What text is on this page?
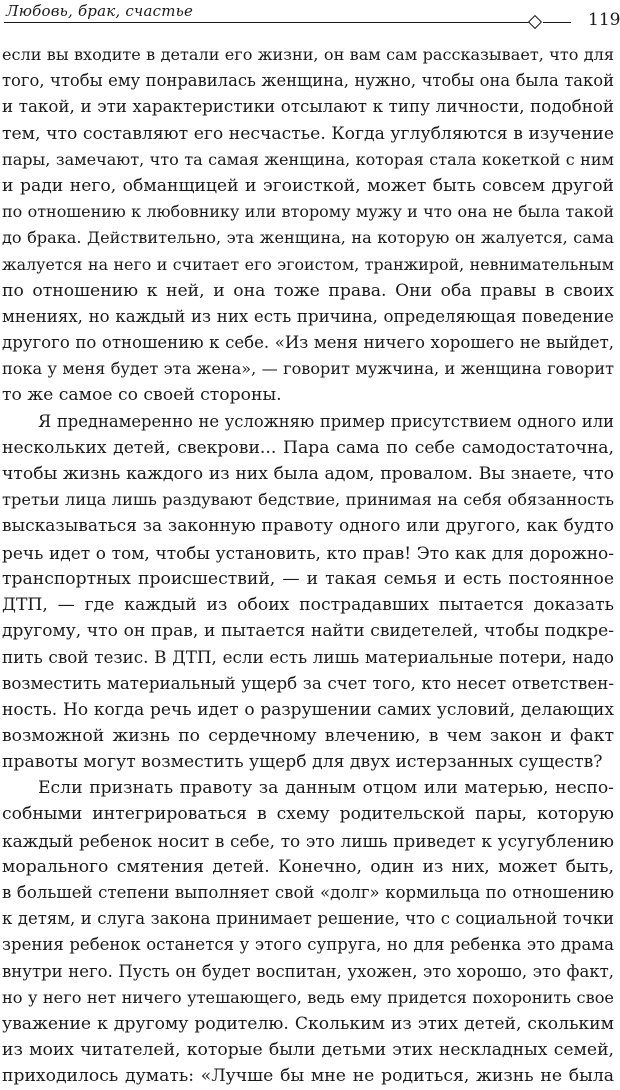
Любовь, брак, счастье	119
если вы входите в детали его жизни, он вам сам рассказывает, что для
того, чтобы ему понравилась женщина, нужно, чтобы она была такой
и такой, и эти характеристики отсылают к типу личности, подобной
тем, что составляют его несчастье. Когда углубляются в изучение
пары, замечают, что та самая женщина, которая стала кокеткой с ним
и ради него, обманщицей и эгоисткой, может быть совсем другой
по отношению к любовнику или второму мужу и что она не была такой
до брака. Действительно, эта женщина, на которую он жалуется, сама
жалуется на него и считает его эгоистом, транжирой, невнимательным
по отношению к ней, и она тоже права. Они оба правы в своих
мнениях, но каждый из них есть причина, определяющая поведение
другого по отношению к себе. «Из меня ничего хорошего не выйдет,
пока у меня будет эта жена», — говорит мужчина, и женщина говорит
то же самое со своей стороны.
Я преднамеренно не усложняю пример присутствием одного или
нескольких детей, свекрови... Пара сама по себе самодостаточна,
чтобы жизнь каждого из них была адом, провалом. Вы знаете, что
третьи лица лишь раздувают бедствие, принимая на себя обязанность
высказываться за законную правоту одного или другого, как будто
речь идет о том, чтобы установить, кто прав! Это как для дорожно-
транспортных происшествий, — и такая семья и есть постоянное
ДТП, — где каждый из обоих пострадавших пытается доказать
другому, что он прав, и пытается найти свидетелей, чтобы подкре-
пить свой тезис. В ДТП, если есть лишь материальные потери, надо
возместить материальный ущерб за счет того, кто несет ответствен-
ность. Но когда речь идет о разрушении самих условий, делающих
возможной жизнь по сердечному влечению, в чем закон и факт
правоты могут возместить ущерб для двух истерзанных существ?
Если признать правоту за данным отцом или матерью, неспо-
собными интегрироваться в схему родительской пары, которую
каждый ребенок носит в себе, то это лишь приведет к усугублению
морального смятения детей. Конечно, один из них, может быть,
в большей степени выполняет свой «долг» кормильца по отношению
к детям, и слуга закона принимает решение, что с социальной точки
зрения ребенок останется у этого супруга, но для ребенка это драма
внутри него. Пусть он будет воспитан, ухожен, это хорошо, это факт,
но у него нет ничего утешающего, ведь ему придется похоронить свое
уважение к другому родителю. Скольким из этих детей, скольким
из моих читателей, которые были детьми этих нескладных семей,
приходилось думать: «Лучше бы мне не родиться, жизнь не была
